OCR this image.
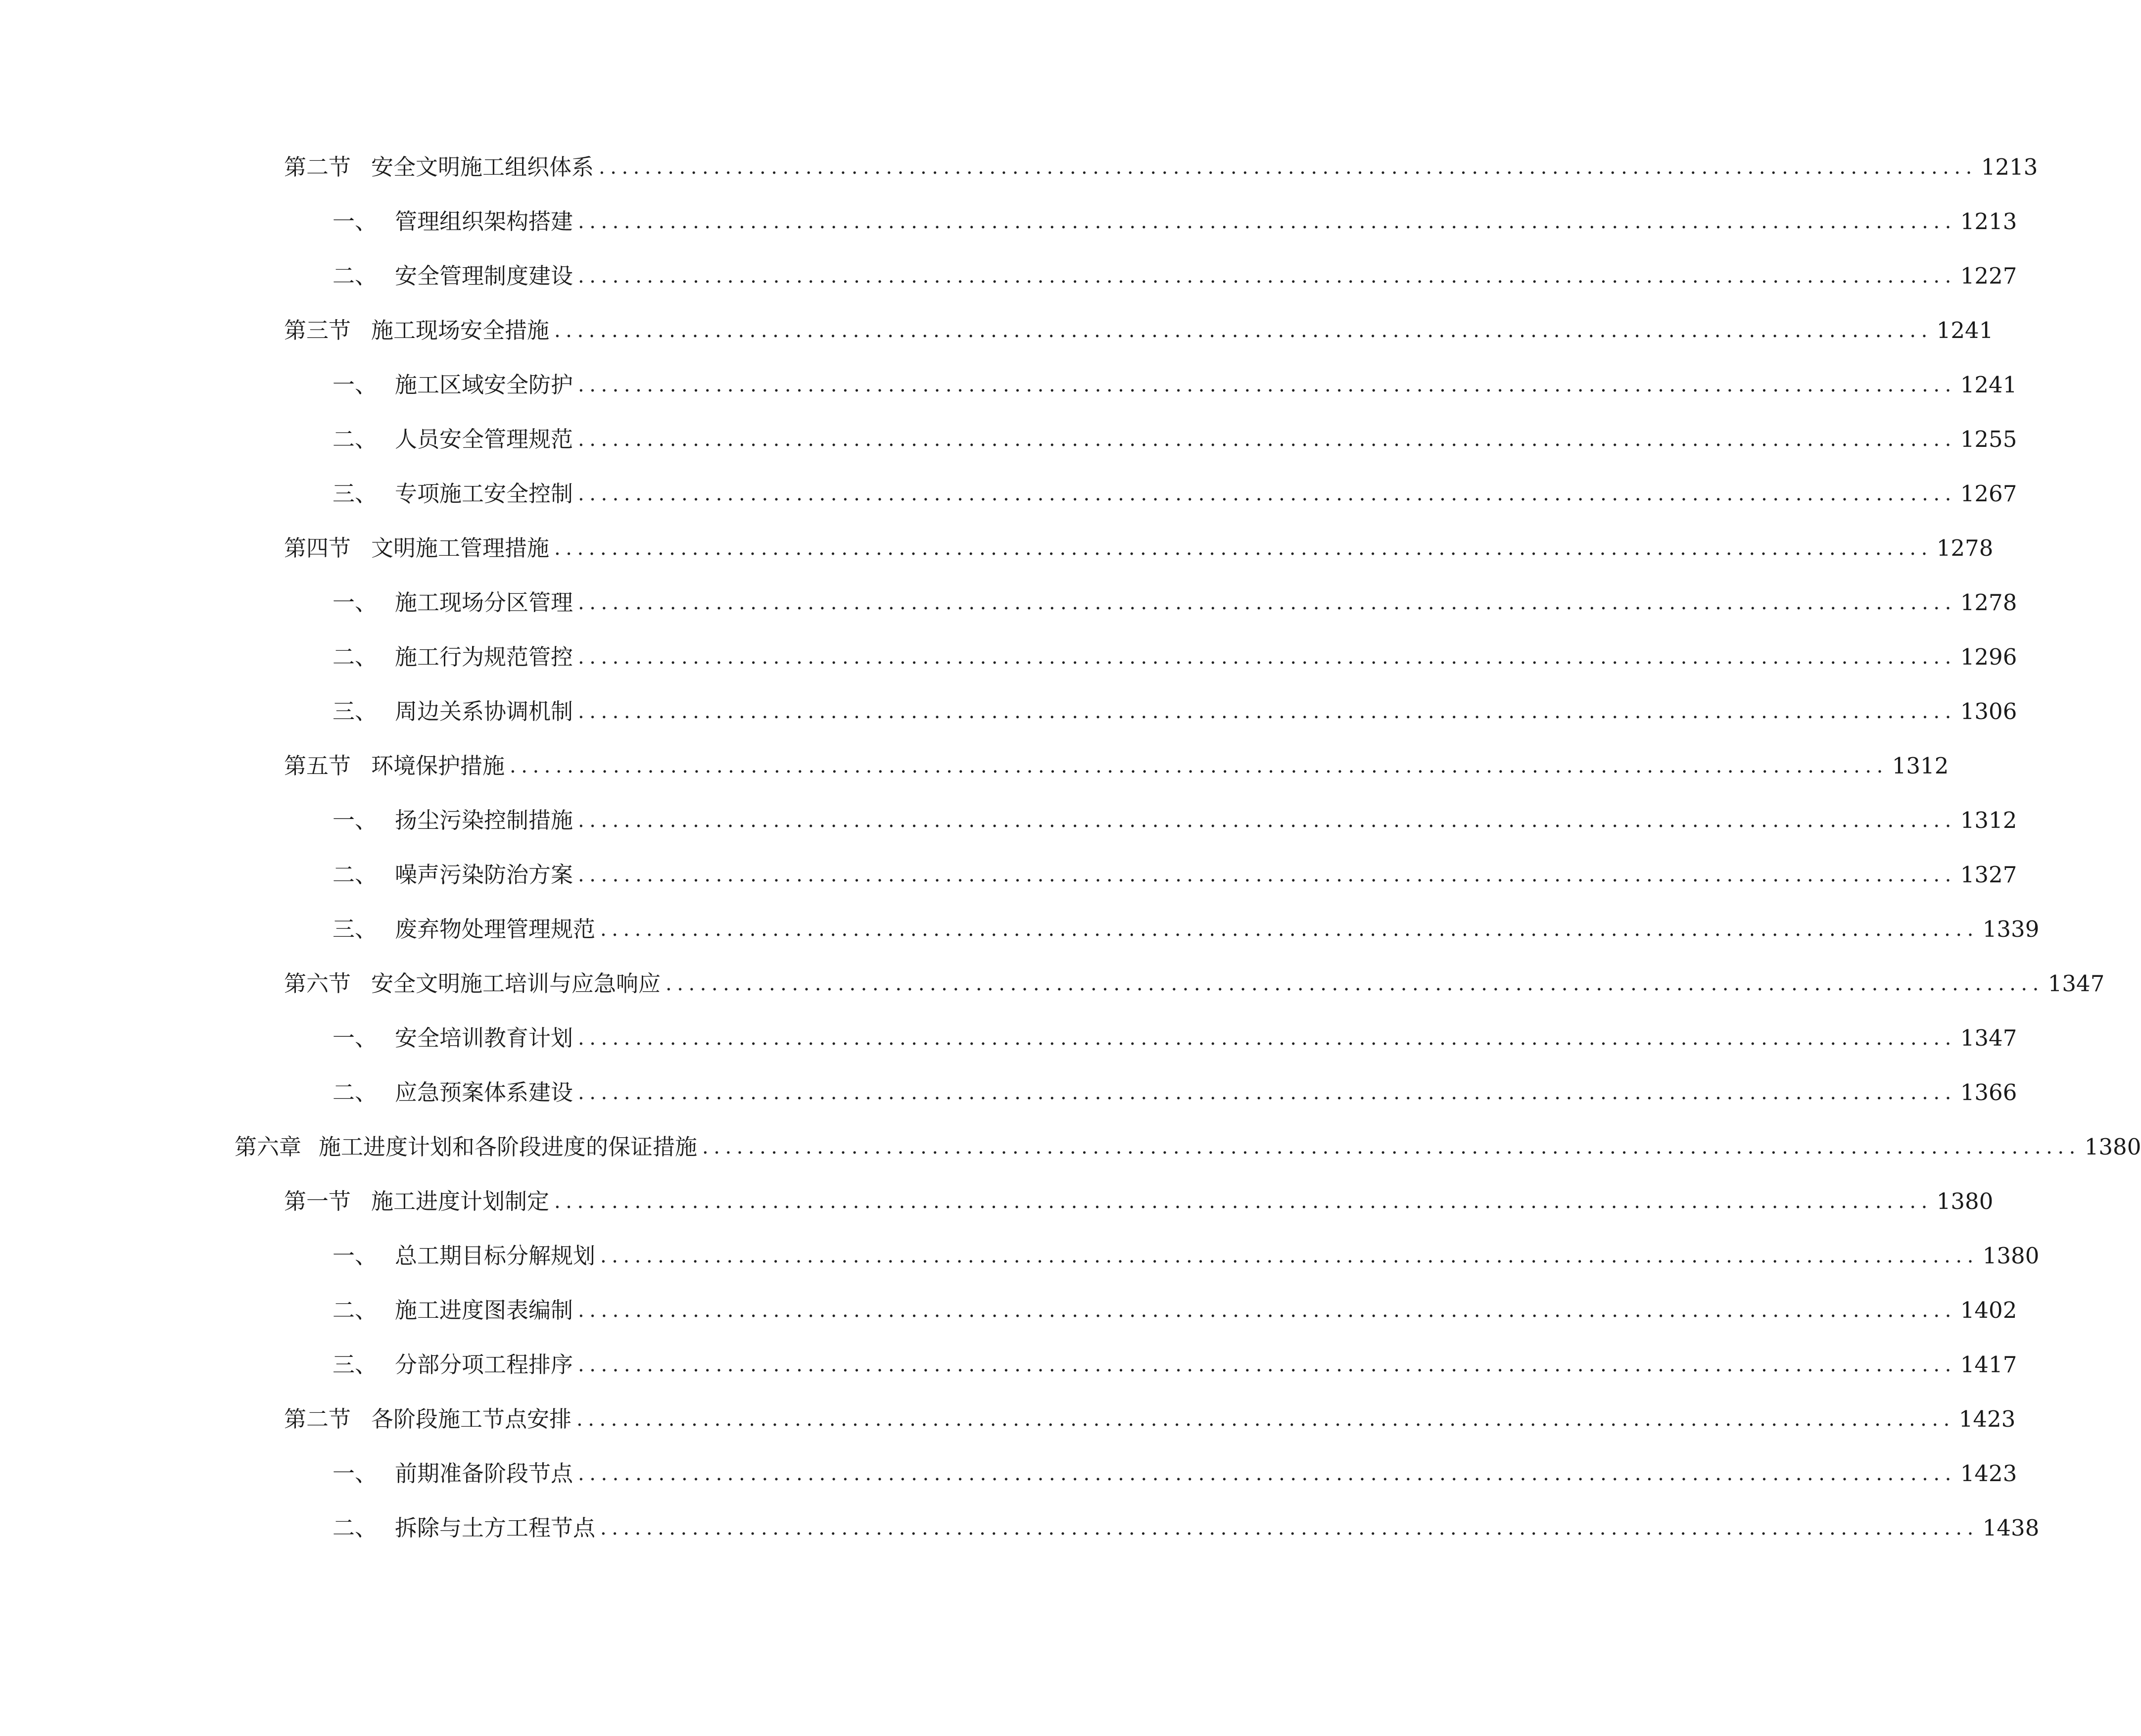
第二节 安全文明施工组织体系 ........................................................................................................................ 1213
一、 管理组织架构搭建 ........................................................................................................................ 1213
二、 安全管理制度建设 ........................................................................................................................ 1227
第三节 施工现场安全措施 ........................................................................................................................ 1241
一、 施工区域安全防护 ........................................................................................................................ 1241
二、 人员安全管理规范 ........................................................................................................................ 1255
三、 专项施工安全控制 ........................................................................................................................ 1267
第四节 文明施工管理措施 ........................................................................................................................ 1278
一、 施工现场分区管理 ........................................................................................................................ 1278
二、 施工行为规范管控 ........................................................................................................................ 1296
三、 周边关系协调机制 ........................................................................................................................ 1306
第五节 环境保护措施 ........................................................................................................................ 1312
一、 扬尘污染控制措施 ........................................................................................................................ 1312
二、 噪声污染防治方案 ........................................................................................................................ 1327
三、 废弃物处理管理规范 ........................................................................................................................ 1339
第六节 安全文明施工培训与应急响应 ........................................................................................................................ 1347
一、 安全培训教育计划 ........................................................................................................................ 1347
二、 应急预案体系建设 ........................................................................................................................ 1366
第六章 施工进度计划和各阶段进度的保证措施 ........................................................................................................................ 1380
第一节 施工进度计划制定 ........................................................................................................................ 1380
一、 总工期目标分解规划 ........................................................................................................................ 1380
二、 施工进度图表编制 ........................................................................................................................ 1402
三、 分部分项工程排序 ........................................................................................................................ 1417
第二节 各阶段施工节点安排 ........................................................................................................................ 1423
一、 前期准备阶段节点 ........................................................................................................................ 1423
二、 拆除与土方工程节点 ........................................................................................................................ 1438
